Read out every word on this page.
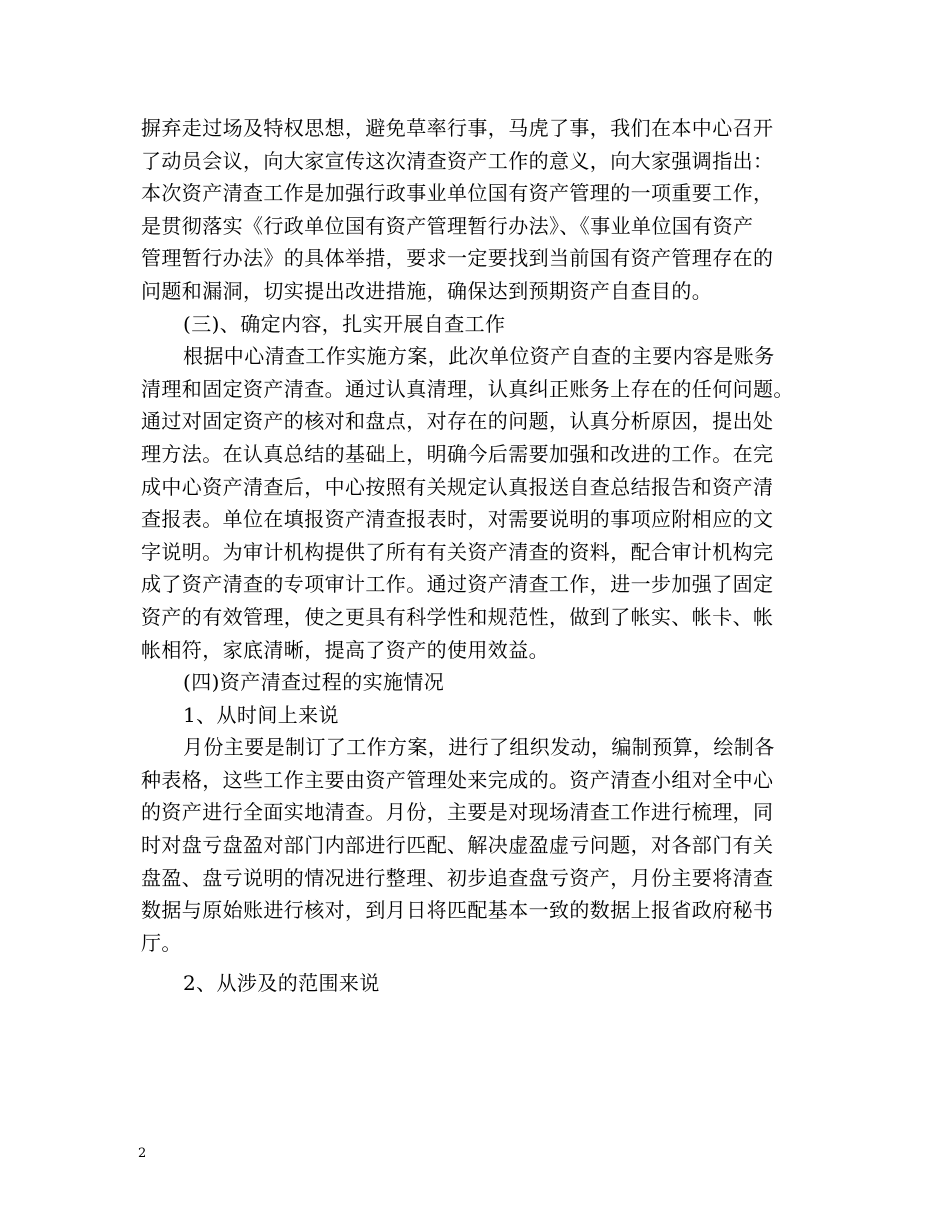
摒弃走过场及特权思想，避免草率行事，马虎了事，我们在本中心召开
了动员会议，向大家宣传这次清查资产工作的意义，向大家强调指出：
本次资产清查工作是加强行政事业单位国有资产管理的一项重要工作，
是贯彻落实《行政单位国有资产管理暂行办法》、《事业单位国有资产
管理暂行办法》的具体举措，要求一定要找到当前国有资产管理存在的
问题和漏洞，切实提出改进措施，确保达到预期资产自查目的。
(三)、确定内容，扎实开展自查工作
根据中心清查工作实施方案，此次单位资产自查的主要内容是账务
清理和固定资产清查。通过认真清理，认真纠正账务上存在的任何问题。
通过对固定资产的核对和盘点，对存在的问题，认真分析原因，提出处
理方法。在认真总结的基础上，明确今后需要加强和改进的工作。在完
成中心资产清查后，中心按照有关规定认真报送自查总结报告和资产清
查报表。单位在填报资产清查报表时，对需要说明的事项应附相应的文
字说明。为审计机构提供了所有有关资产清查的资料，配合审计机构完
成了资产清查的专项审计工作。通过资产清查工作，进一步加强了固定
资产的有效管理，使之更具有科学性和规范性，做到了帐实、帐卡、帐
帐相符，家底清晰，提高了资产的使用效益。
(四)资产清查过程的实施情况
1、从时间上来说
月份主要是制订了工作方案，进行了组织发动，编制预算，绘制各
种表格，这些工作主要由资产管理处来完成的。资产清查小组对全中心
的资产进行全面实地清查。月份，主要是对现场清查工作进行梳理，同
时对盘亏盘盈对部门内部进行匹配、解决虚盈虚亏问题，对各部门有关
盘盈、盘亏说明的情况进行整理、初步追查盘亏资产，月份主要将清查
数据与原始账进行核对，到月日将匹配基本一致的数据上报省政府秘书
厅。
2、从涉及的范围来说
2
